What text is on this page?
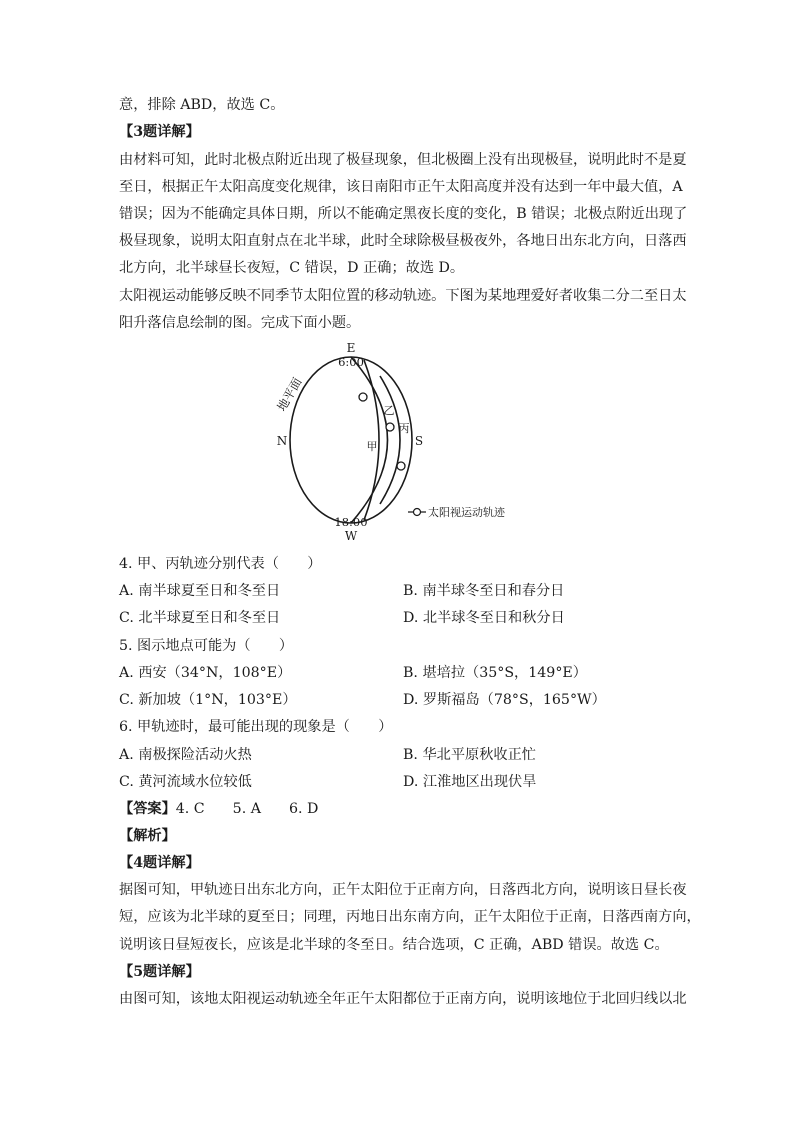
意，排除 ABD，故选 C。
【3题详解】
由材料可知，此时北极点附近出现了极昼现象，但北极圈上没有出现极昼，说明此时不是夏
至日，根据正午太阳高度变化规律，该日南阳市正午太阳高度并没有达到一年中最大值，A
错误；因为不能确定具体日期，所以不能确定黑夜长度的变化，B 错误；北极点附近出现了
极昼现象，说明太阳直射点在北半球，此时全球除极昼极夜外，各地日出东北方向，日落西
北方向，北半球昼长夜短，C 错误，D 正确；故选 D。
太阳视运动能够反映不同季节太阳位置的移动轨迹。下图为某地理爱好者收集二分二至日太
阳升落信息绘制的图。完成下面小题。
E
6:00
地平面
N	S
甲
乙
丙
18:00
W
太阳视运动轨迹
4. 甲、丙轨迹分别代表（　　）
A. 南半球夏至日和冬至日	B. 南半球冬至日和春分日
C. 北半球夏至日和冬至日	D. 北半球冬至日和秋分日
5. 图示地点可能为（　　）
A. 西安（34°N，108°E）	B. 堪培拉（35°S，149°E）
C. 新加坡（1°N，103°E）	D. 罗斯福岛（78°S，165°W）
6. 甲轨迹时，最可能出现的现象是（　　）
A. 南极探险活动火热	B. 华北平原秋收正忙
C. 黄河流域水位较低	D. 江淮地区出现伏旱
【答案】4. C 5. A 6. D
【解析】
【4题详解】
据图可知，甲轨迹日出东北方向，正午太阳位于正南方向，日落西北方向，说明该日昼长夜
短，应该为北半球的夏至日；同理，丙地日出东南方向，正午太阳位于正南，日落西南方向，
说明该日昼短夜长，应该是北半球的冬至日。结合选项，C 正确，ABD 错误。故选 C。
【5题详解】
由图可知，该地太阳视运动轨迹全年正午太阳都位于正南方向，说明该地位于北回归线以北
